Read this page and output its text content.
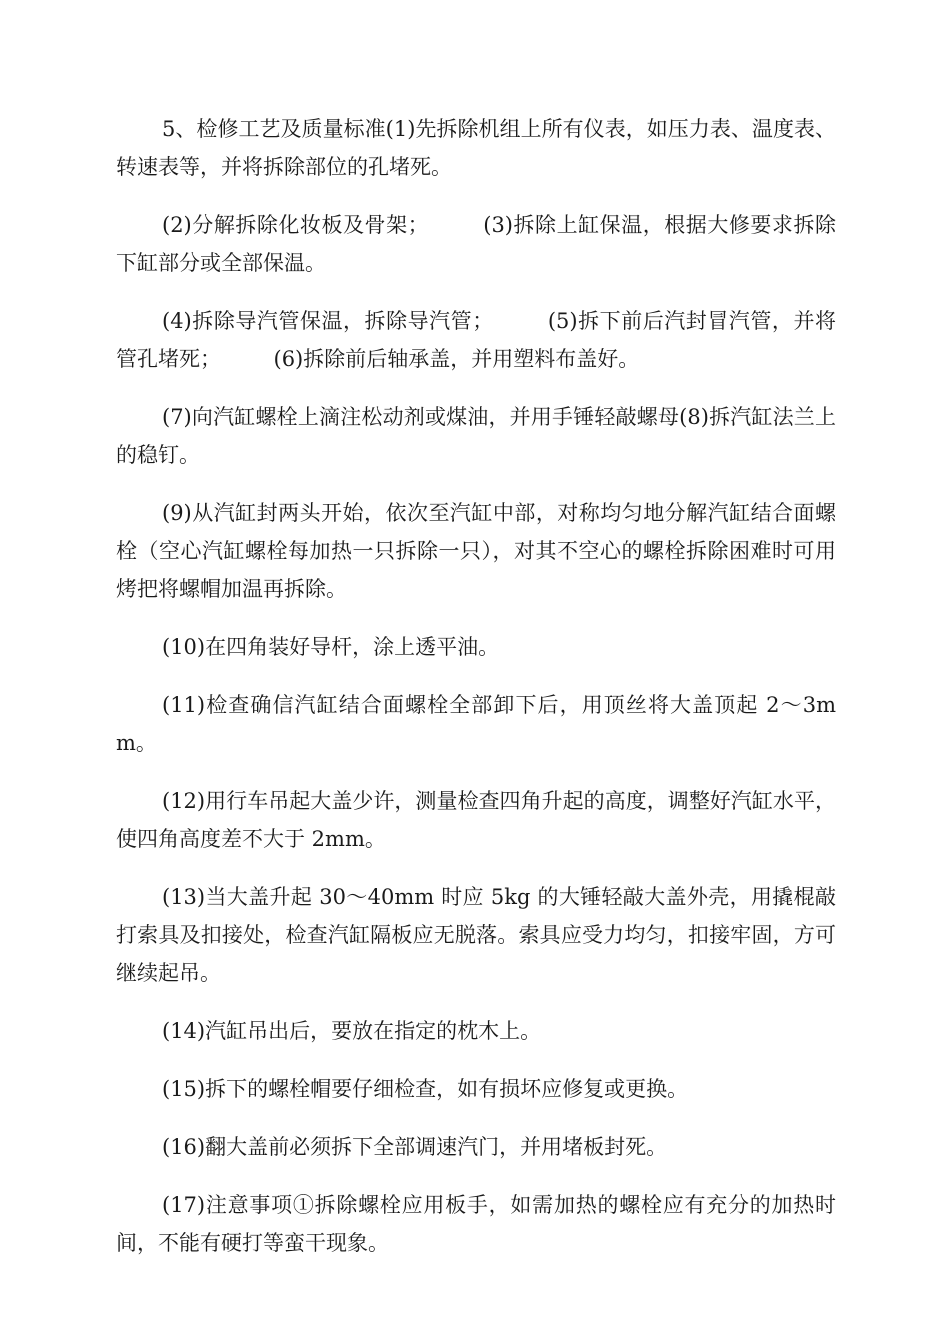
5、检修工艺及质量标准(1)先拆除机组上所有仪表，如压力表、温度表、转速表等，并将拆除部位的孔堵死。

(2)分解拆除化妆板及骨架；　　　(3)拆除上缸保温，根据大修要求拆除下缸部分或全部保温。

(4)拆除导汽管保温，拆除导汽管；　　　(5)拆下前后汽封冒汽管，并将管孔堵死；　　　(6)拆除前后轴承盖，并用塑料布盖好。

(7)向汽缸螺栓上滴注松动剂或煤油，并用手锤轻敲螺母(8)拆汽缸法兰上的稳钉。

(9)从汽缸封两头开始，依次至汽缸中部，对称均匀地分解汽缸结合面螺栓（空心汽缸螺栓每加热一只拆除一只），对其不空心的螺栓拆除困难时可用烤把将螺帽加温再拆除。

(10)在四角装好导杆，涂上透平油。

(11)检查确信汽缸结合面螺栓全部卸下后，用顶丝将大盖顶起 2～3mm。

(12)用行车吊起大盖少许，测量检查四角升起的高度，调整好汽缸水平，使四角高度差不大于 2mm。

(13)当大盖升起 30～40mm 时应 5kg 的大锤轻敲大盖外壳，用撬棍敲打索具及扣接处，检查汽缸隔板应无脱落。索具应受力均匀，扣接牢固，方可继续起吊。

(14)汽缸吊出后，要放在指定的枕木上。

(15)拆下的螺栓帽要仔细检查，如有损坏应修复或更换。

(16)翻大盖前必须拆下全部调速汽门，并用堵板封死。

(17)注意事项①拆除螺栓应用板手，如需加热的螺栓应有充分的加热时间，不能有硬打等蛮干现象。
